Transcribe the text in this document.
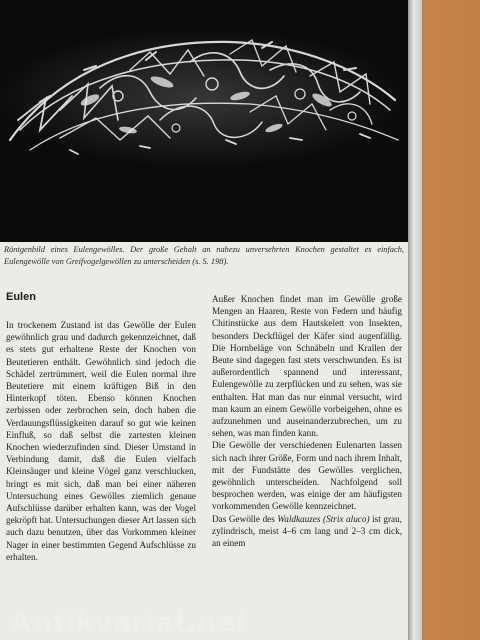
Röntgenbild eines Eulengewölles. Der große Gehalt an nahezu unversehrten Knochen gestaltet es einfach, Eulengewölle von Greifvogelgewöllen zu unterscheiden (s. S. 198).

Eulen

In trockenem Zustand ist das Gewölle der Eulen gewöhnlich grau und dadurch gekennzeichnet, daß es stets gut erhaltene Reste der Knochen von Beutetieren enthält. Gewöhnlich sind jedoch die Schädel zertrümmert, weil die Eulen normal ihre Beutetiere mit einem kräftigen Biß in den Hinterkopf töten. Ebenso können Knochen zerbissen oder zerbrochen sein, doch haben die Verdauungsflüssigkeiten darauf so gut wie keinen Einfluß, so daß selbst die zartesten kleinen Knochen wiederzufinden sind. Dieser Umstand in Verbindung damit, daß die Eulen vielfach Kleinsäuger und kleine Vögel ganz verschlucken, bringt es mit sich, daß man bei einer näheren Untersuchung eines Gewölles ziemlich genaue Aufschlüsse darüber erhalten kann, was der Vogel gekröpft hat. Untersuchungen dieser Art lassen sich auch dazu benutzen, über das Vorkommen kleiner Nager in einer bestimmten Gegend Aufschlüsse zu erhalten.

Außer Knochen findet man im Gewölle große Mengen an Haaren, Reste von Federn und häufig Chitinstücke aus dem Hautskelett von Insekten, besonders Deckflügel der Käfer sind augenfällig. Die Hornbeläge von Schnäbeln und Krallen der Beute sind dagegen fast stets verschwunden. Es ist außerordentlich spannend und interessant, Eulengewölle zu zerpflücken und zu sehen, was sie enthalten. Hat man das nur einmal versucht, wird man kaum an einem Gewölle vorbeigehen, ohne es aufzunehmen und auseinanderzubrechen, um zu sehen, was man finden kann.

Die Gewölle der verschiedenen Eulenarten lassen sich nach ihrer Größe, Form und nach ihrem Inhalt, mit der Fundstätte des Gewölles verglichen, gewöhnlich unterscheiden. Nachfolgend soll besprochen werden, was einige der am häufigsten vorkommenden Gewölle kennzeichnet.

Das Gewölle des Waldkauzes (Strix aluco) ist grau, zylindrisch, meist 4–6 cm lang und 2–3 cm dick, an einem

Antikvariat.net
